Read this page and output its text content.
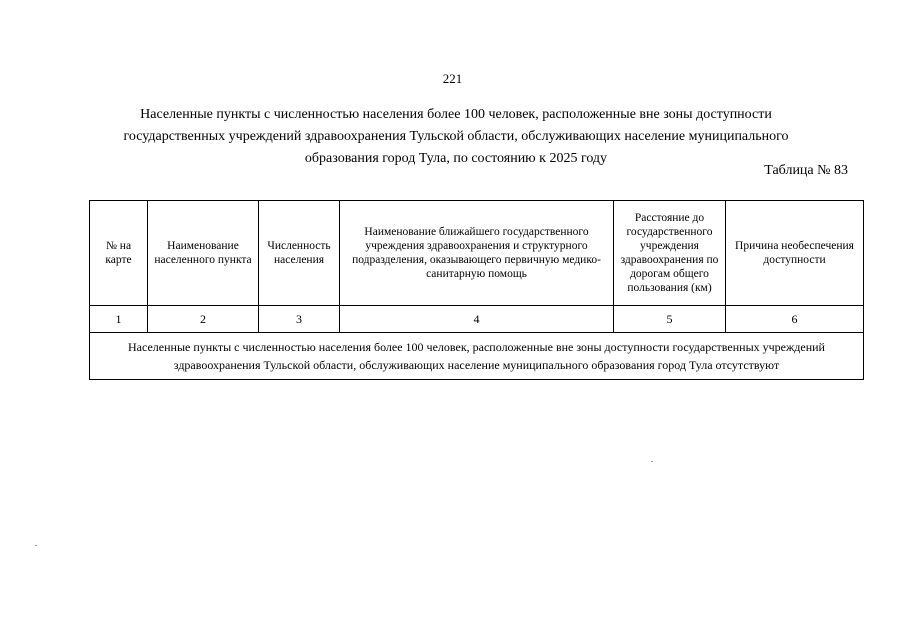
221
Населенные пункты с численностью населения более 100 человек, расположенные вне зоны доступности государственных учреждений здравоохранения Тульской области, обслуживающих население муниципального образования город Тула, по состоянию к 2025 году
Таблица № 83
№ на карте	Наименование населенного пункта	Численность населения	Наименование ближайшего государственного учреждения здравоохранения и структурного подразделения, оказывающего первичную медико-санитарную помощь	Расстояние до государственного учреждения здравоохранения по дорогам общего пользования (км)	Причина необеспечения доступности
1	2	3	4	5	6
Населенные пункты с численностью населения более 100 человек, расположенные вне зоны доступности государственных учреждений здравоохранения Тульской области, обслуживающих население муниципального образования город Тула отсутствуют					
